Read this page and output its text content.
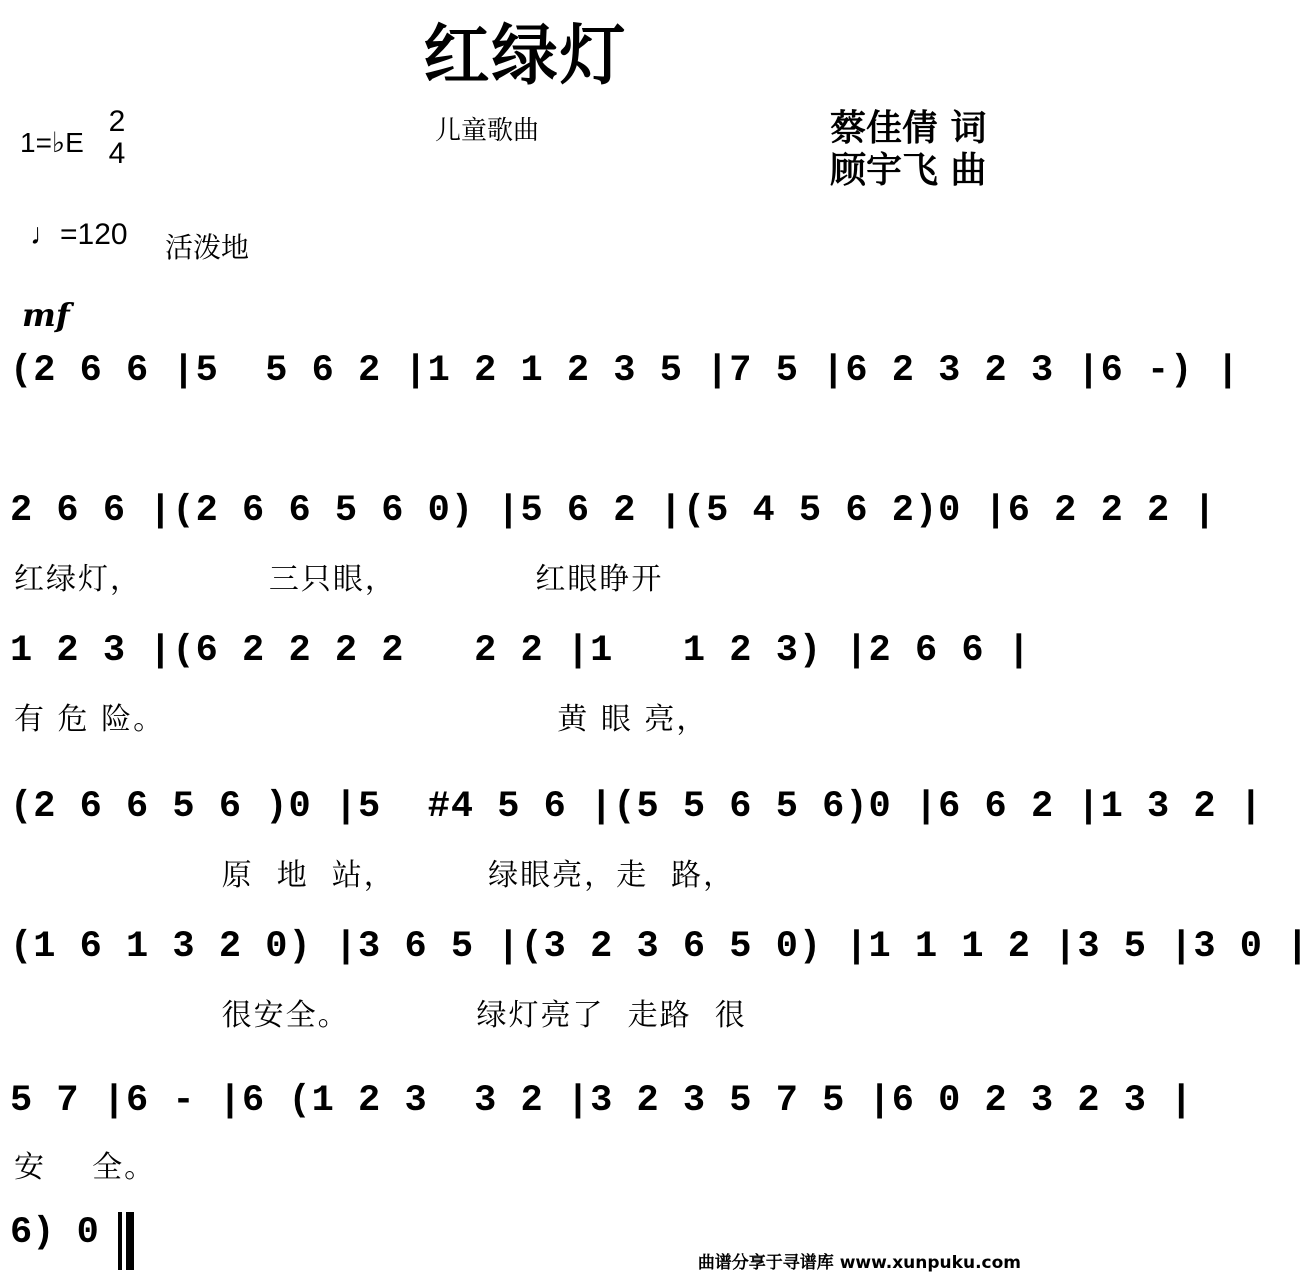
红绿灯
1=♭E
2
4
儿童歌曲	蔡佳倩 词
顾宇飞 曲
♩=120 活泼地
mf
(2 6 6 |5  5 6 2 |1 2 1 2 3 5 |7 5 |6 2 3 2 3 |6 -) |
2 6 6 |(2 6 6 5 6 0) |5 6 2 |(5 4 5 6 2)0 |6 2 2 2 |
红绿灯，           三只眼，            红眼睁开
1 2 3 |(6 2 2 2 2   2 2 |1   1 2 3) |2 6 6 |
有 危 险。                                  黄 眼 亮，
(2 6 6 5 6 )0 |5  #4 5 6 |(5 5 6 5 6)0 |6 6 2 |1 3 2 |
原  地  站，        绿眼亮，走  路，
(1 6 1 3 2 0) |3 6 5 |(3 2 3 6 5 0) |1 1 1 2 |3 5 |3 0 |
很安全。           绿灯亮了  走路  很
5 7 |6 - |6 (1 2 3  3 2 |3 2 3 5 7 5 |6 0 2 3 2 3 |
安    全。
6) 0
曲谱分享于寻谱库 www.xunpuku.com
